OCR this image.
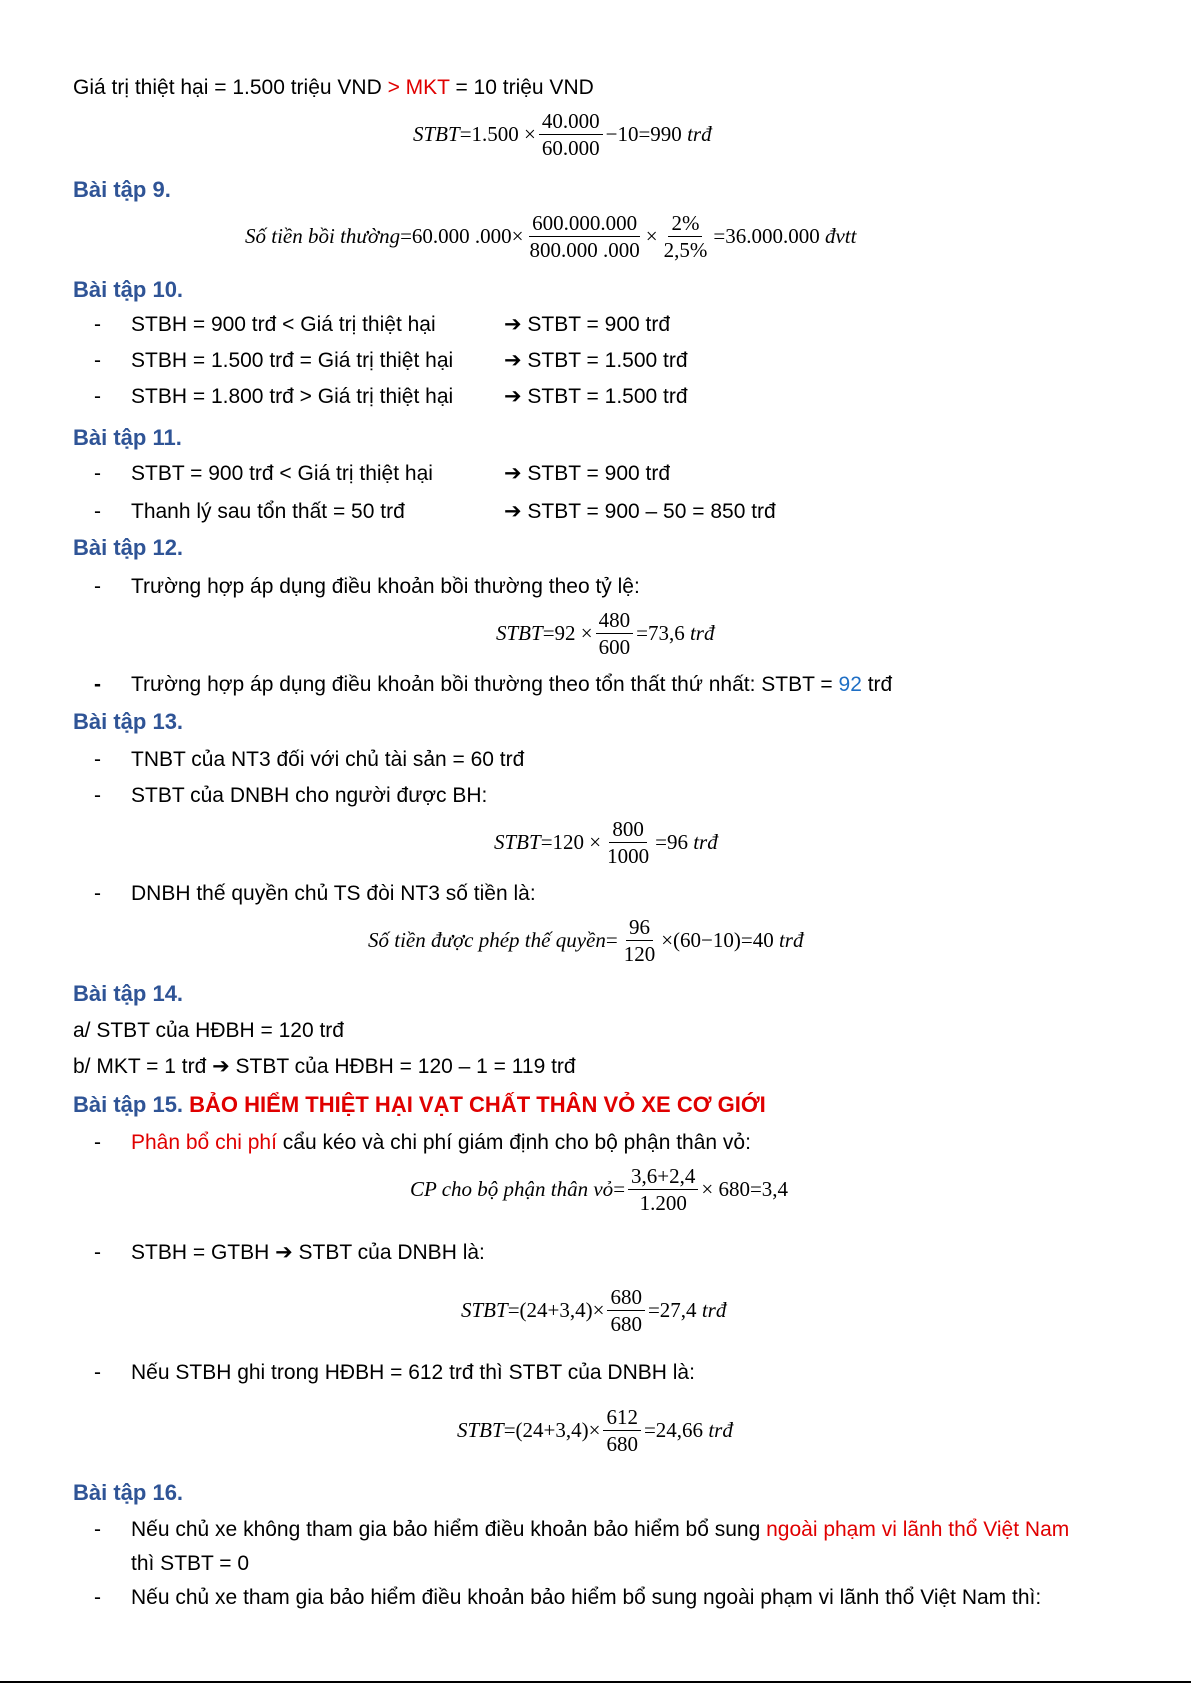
Giá trị thiệt hại = 1.500 triệu VND > MKT = 10 triệu VND
STBT $=1.500 \times \frac{40.000}{60.000} -10=990$
trđ
Bài tập 9.
Số tiền bồi thường =60.000 $.000\times \frac{600.000.000}{800.000 .000} \times \frac{2\%}{2,5\%} =36.000.000$
đvtt
Bài tập 10.
- STBH = 900 trđ < Giá trị thiệt hại	➔ STBT = 900 trđ
- STBH = 1.500 trđ = Giá trị thiệt hại ➔ STBT = 1.500 trđ
- STBH = 1.800 trđ > Giá trị thiệt hại ➔ STBT = 1.500 trđ
Bài tập 11.
- STBT = 900 trđ < Giá trị thiệt hại	➔ STBT = 900 trđ
- Thanh lý sau tổn thất = 50 trđ	➔ STBT = 900 – 50 = 850 trđ
Bài tập 12.
- Trường hợp áp dụng điều khoản bồi thường theo tỷ lệ:
STBT $=92 \times \frac{480}{600} =73,6$
trđ
- Trường hợp áp dụng điều khoản bồi thường theo tổn thất thứ nhất: STBT = 92 trđ
Bài tập 13.
- TNBT của NT3 đối với chủ tài sản = 60 trđ
- STBT của DNBH cho người được BH:
STBT $=120 \times \frac{800}{1000} =96$
trđ
- DNBH thế quyền chủ TS đòi NT3 số tiền là:
Số tiền được phép thế quyền = $\frac{96}{120} \times(60-10)=40$
trđ
Bài tập 14.
a/ STBT của HĐBH = 120 trđ
b/ MKT = 1 trđ ➔ STBT của HĐBH = 120 – 1 = 119 trđ
Bài tập 15. BẢO HIỂM THIỆT HẠI VẠT CHẤT THÂN VỎ XE CƠ GIỚI
- Phân bổ chi phí cẩu kéo và chi phí giám định cho bộ phận thân vỏ:
CP cho bộ phận thân vỏ = $\frac{3,6+2,4}{1.200} \times 680=3,4$
- STBH = GTBH ➔ STBT của DNBH là:
STBT $=(24+3,4)\times \frac{680}{680} =27,4$
trđ
- Nếu STBH ghi trong HĐBH = 612 trđ thì STBT của DNBH là:
STBT $=(24+3,4)\times \frac{612}{680} =24,66$
trđ
Bài tập 16.
- Nếu chủ xe không tham gia bảo hiểm điều khoản bảo hiểm bổ sung ngoài phạm vi lãnh thổ Việt Nam
thì STBT = 0
- Nếu chủ xe tham gia bảo hiểm điều khoản bảo hiểm bổ sung ngoài phạm vi lãnh thổ Việt Nam thì:
